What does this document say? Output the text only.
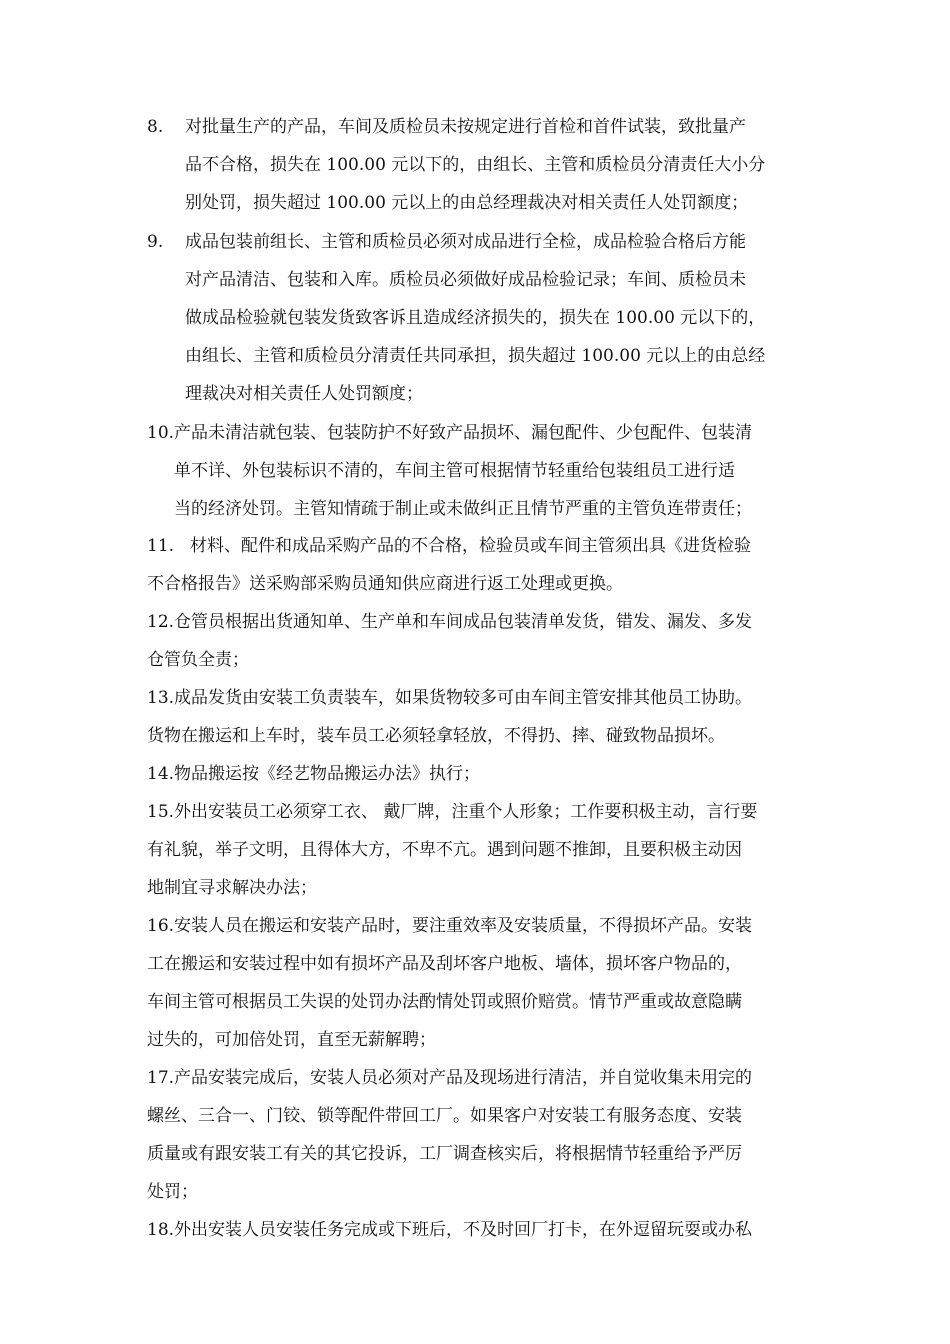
8. 对批量生产的产品，车间及质检员未按规定进行首检和首件试装，致批量产
品不合格，损失在 100.00 元以下的，由组长、主管和质检员分清责任大小分
别处罚，损失超过 100.00 元以上的由总经理裁决对相关责任人处罚额度；
9. 成品包装前组长、主管和质检员必须对成品进行全检，成品检验合格后方能
对产品清洁、包装和入库。质检员必须做好成品检验记录；车间、质检员未
做成品检验就包装发货致客诉且造成经济损失的，损失在 100.00 元以下的，
由组长、主管和质检员分清责任共同承担，损失超过 100.00 元以上的由总经
理裁决对相关责任人处罚额度；
10. 产品未清洁就包装、包装防护不好致产品损坏、漏包配件、少包配件、包装清
单不详、外包装标识不清的，车间主管可根据情节轻重给包装组员工进行适
当的经济处罚。主管知情疏于制止或未做纠正且情节严重的主管负连带责任；
11. 材料、配件和成品采购产品的不合格，检验员或车间主管须出具《进货检验
不合格报告》送采购部采购员通知供应商进行返工处理或更换。
12. 仓管员根据出货通知单、生产单和车间成品包装清单发货，错发、漏发、多发
仓管负全责；
13. 成品发货由安装工负责装车，如果货物较多可由车间主管安排其他员工协助。
货物在搬运和上车时，装车员工必须轻拿轻放，不得扔、摔、碰致物品损坏。
14. 物品搬运按《经艺物品搬运办法》执行；
15. 外出安装员工必须穿工衣、 戴厂牌，注重个人形象；工作要积极主动，言行要
有礼貌，举子文明，且得体大方，不卑不亢。遇到问题不推卸，且要积极主动因
地制宜寻求解决办法；
16. 安装人员在搬运和安装产品时，要注重效率及安装质量，不得损坏产品。安装
工在搬运和安装过程中如有损坏产品及刮坏客户地板、墙体，损坏客户物品的，
车间主管可根据员工失误的处罚办法酌情处罚或照价赔赏。情节严重或故意隐瞒
过失的，可加倍处罚，直至无薪解聘；
17. 产品安装完成后，安装人员必须对产品及现场进行清洁，并自觉收集未用完的
螺丝、三合一、门铰、锁等配件带回工厂。如果客户对安装工有服务态度、安装
质量或有跟安装工有关的其它投诉，工厂调查核实后，将根据情节轻重给予严厉
处罚；
18. 外出安装人员安装任务完成或下班后，不及时回厂打卡，在外逗留玩耍或办私
